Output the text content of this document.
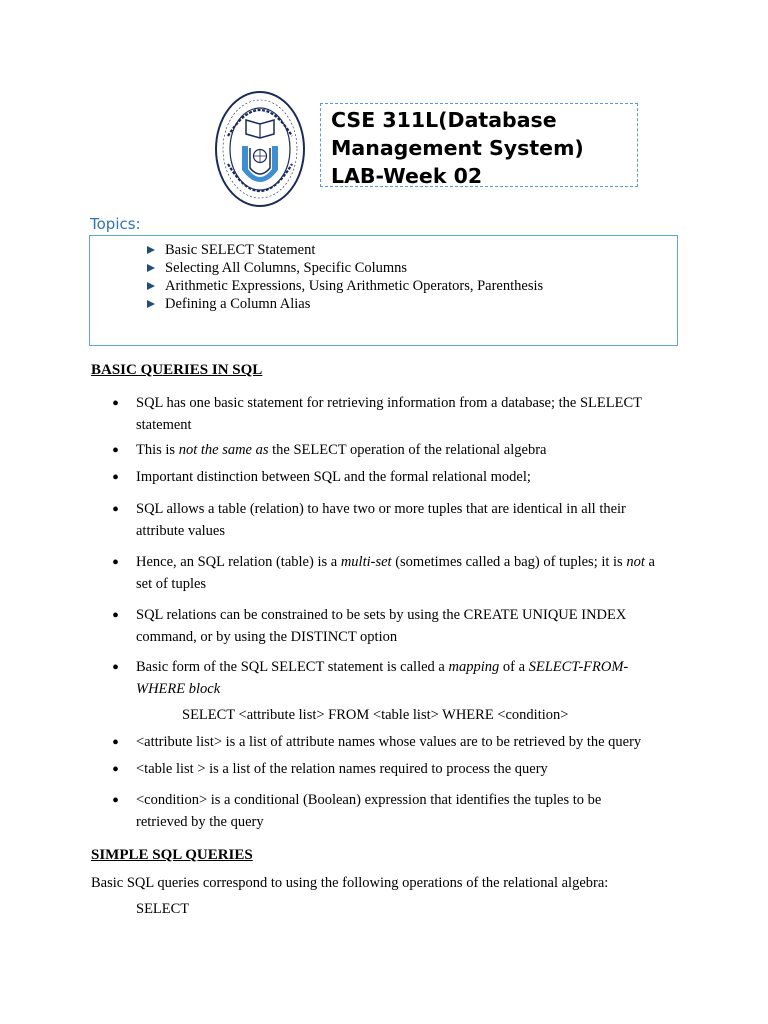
CSE 311L(Database
Management System)
LAB-Week 02
Topics:
Basic SELECT Statement
Selecting All Columns, Specific Columns
Arithmetic Expressions, Using Arithmetic Operators, Parenthesis
Defining a Column Alias
BASIC QUERIES IN SQL
• SQL has one basic statement for retrieving information from a database; the SLELECT
statement
• This is not the same as the SELECT operation of the relational algebra
• Important distinction between SQL and the formal relational model;
• SQL allows a table (relation) to have two or more tuples that are identical in all their
attribute values
• Hence, an SQL relation (table) is a multi-set (sometimes called a bag) of tuples; it is not a
set of tuples
• SQL relations can be constrained to be sets by using the CREATE UNIQUE INDEX
command, or by using the DISTINCT option
• Basic form of the SQL SELECT statement is called a mapping of a SELECT-FROM-
WHERE block
SELECT <attribute list> FROM <table list> WHERE <condition>
• <attribute list> is a list of attribute names whose values are to be retrieved by the query
• <table list > is a list of the relation names required to process the query
• <condition> is a conditional (Boolean) expression that identifies the tuples to be
retrieved by the query
SIMPLE SQL QUERIES
Basic SQL queries correspond to using the following operations of the relational algebra:
SELECT
